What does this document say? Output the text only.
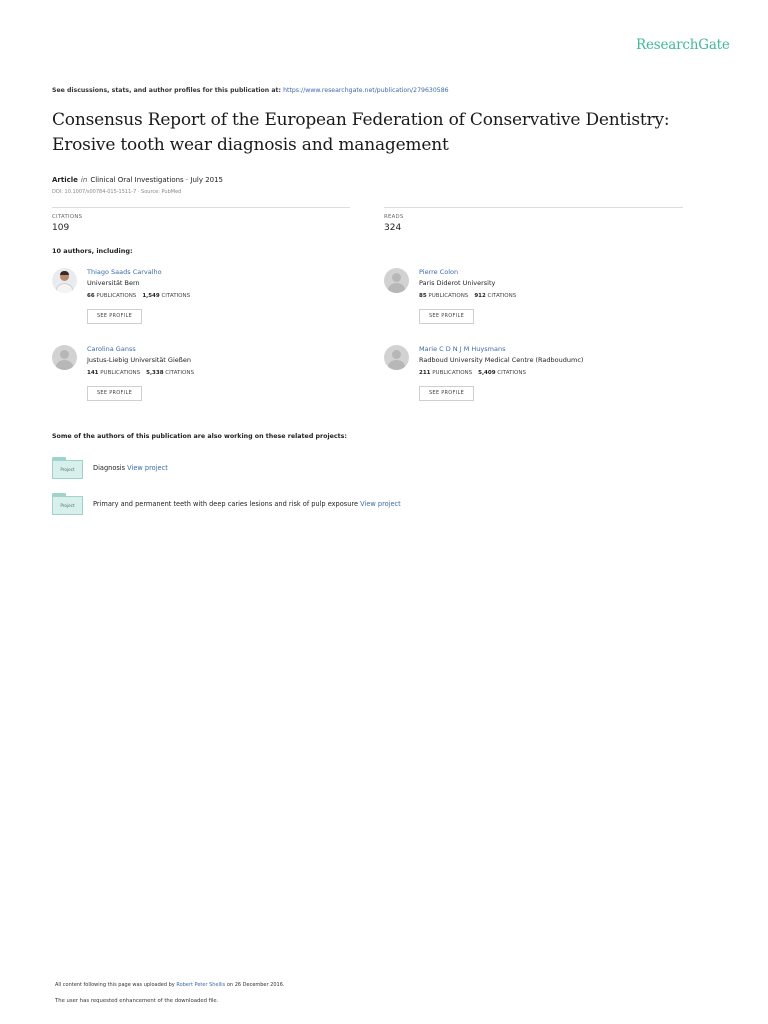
ResearchGate
See discussions, stats, and author profiles for this publication at: https://www.researchgate.net/publication/279630586
Consensus Report of the European Federation of Conservative Dentistry:
Erosive tooth wear diagnosis and management
Article in Clinical Oral Investigations · July 2015
DOI: 10.1007/s00784-015-1511-7 · Source: PubMed
CITATIONS
109
READS
324
10 authors, including:
Thiago Saads Carvalho
Universität Bern
66 PUBLICATIONS 1,549 CITATIONS
SEE PROFILE
Pierre Colon
Paris Diderot University
85 PUBLICATIONS 912 CITATIONS
SEE PROFILE
Carolina Ganss
Justus-Liebig Universität Gießen
141 PUBLICATIONS 5,338 CITATIONS
SEE PROFILE
Marie C D N J M Huysmans
Radboud University Medical Centre (Radboudumc)
211 PUBLICATIONS 5,409 CITATIONS
SEE PROFILE
Some of the authors of this publication are also working on these related projects:
Project	Diagnosis View project
Project	Primary and permanent teeth with deep caries lesions and risk of pulp exposure View project
All content following this page was uploaded by Robert Peter Shellis on 26 December 2016.
The user has requested enhancement of the downloaded file.
